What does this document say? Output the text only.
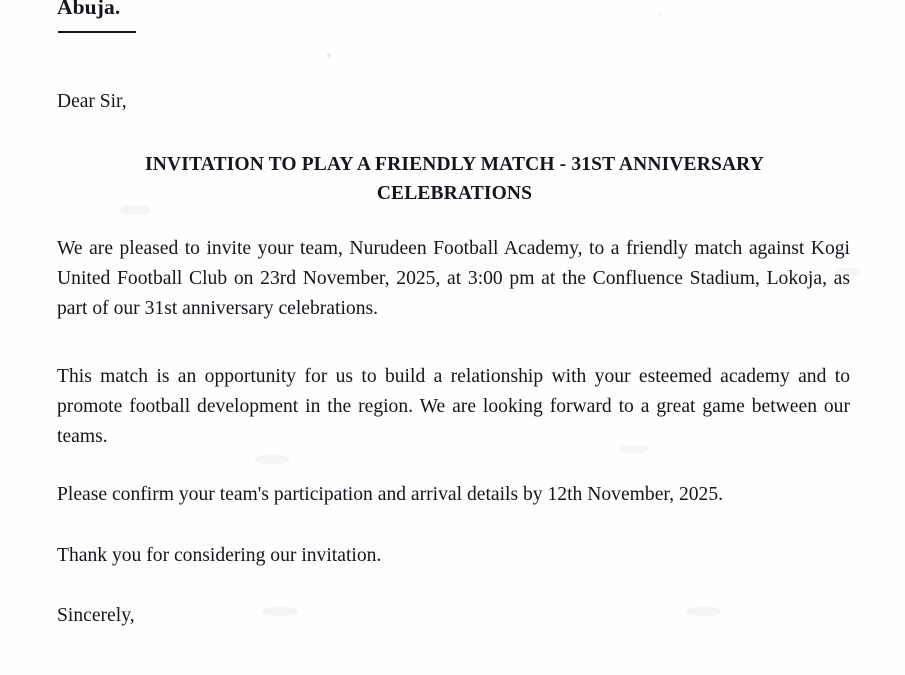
Abuja.
Dear Sir,
INVITATION TO PLAY A FRIENDLY MATCH - 31ST ANNIVERSARY
CELEBRATIONS
We are pleased to invite your team, Nurudeen Football Academy, to a friendly match against Kogi United Football Club on 23rd November, 2025, at 3:00 pm at the Confluence Stadium, Lokoja, as part of our 31st anniversary celebrations.
This match is an opportunity for us to build a relationship with your esteemed academy and to promote football development in the region. We are looking forward to a great game between our teams.
Please confirm your team's participation and arrival details by 12th November, 2025.
Thank you for considering our invitation.
Sincerely,
